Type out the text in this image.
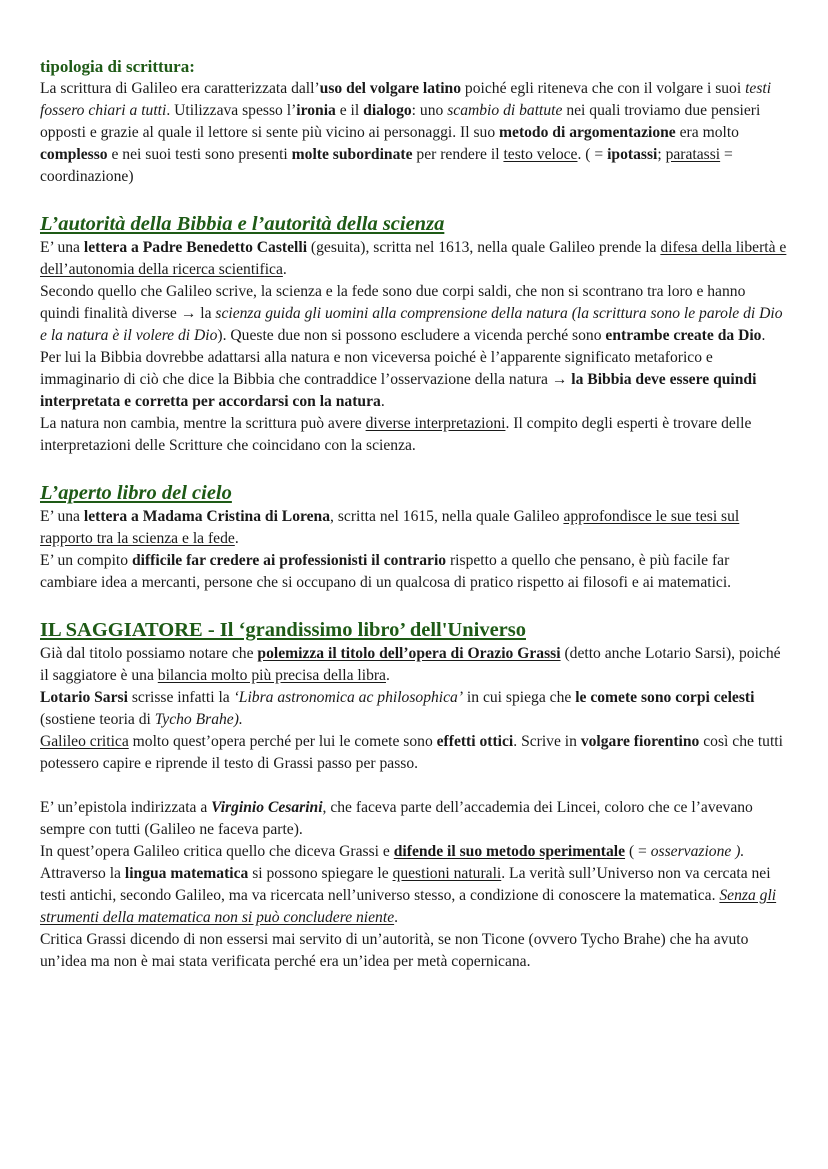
tipologia di scrittura:

La scrittura di Galileo era caratterizzata dall’uso del volgare latino poiché egli riteneva che con il volgare i suoi testi fossero chiari a tutti. Utilizzava spesso l’ironia e il dialogo: uno scambio di battute nei quali troviamo due pensieri opposti e grazie al quale il lettore si sente più vicino ai personaggi. Il suo metodo di argomentazione era molto complesso e nei suoi testi sono presenti molte subordinate per rendere il testo veloce. ( = ipotassi; paratassi = coordinazione)

L’autorità della Bibbia e l’autorità della scienza

E’ una lettera a Padre Benedetto Castelli (gesuita), scritta nel 1613, nella quale Galileo prende la difesa della libertà e dell’autonomia della ricerca scientifica.

Secondo quello che Galileo scrive, la scienza e la fede sono due corpi saldi, che non si scontrano tra loro e hanno quindi finalità diverse → la scienza guida gli uomini alla comprensione della natura (la scrittura sono le parole di Dio e la natura è il volere di Dio). Queste due non si possono escludere a vicenda perché sono entrambe create da Dio. Per lui la Bibbia dovrebbe adattarsi alla natura e non viceversa poiché è l’apparente significato metaforico e immaginario di ciò che dice la Bibbia che contraddice l’osservazione della natura → la Bibbia deve essere quindi interpretata e corretta per accordarsi con la natura.

La natura non cambia, mentre la scrittura può avere diverse interpretazioni. Il compito degli esperti è trovare delle interpretazioni delle Scritture che coincidano con la scienza.

L’aperto libro del cielo

E’ una lettera a Madama Cristina di Lorena, scritta nel 1615, nella quale Galileo approfondisce le sue tesi sul rapporto tra la scienza e la fede.

E’ un compito difficile far credere ai professionisti il contrario rispetto a quello che pensano, è più facile far cambiare idea a mercanti, persone che si occupano di un qualcosa di pratico rispetto ai filosofi e ai matematici.

IL SAGGIATORE - Il ‘grandissimo libro’ dell'Universo

Già dal titolo possiamo notare che polemizza il titolo dell’opera di Orazio Grassi (detto anche Lotario Sarsi), poiché il saggiatore è una bilancia molto più precisa della libra.

Lotario Sarsi scrisse infatti la ‘Libra astronomica ac philosophica’ in cui spiega che le comete sono corpi celesti (sostiene teoria di Tycho Brahe).

Galileo critica molto quest’opera perché per lui le comete sono effetti ottici. Scrive in volgare fiorentino così che tutti potessero capire e riprende il testo di Grassi passo per passo.

E’ un’epistola indirizzata a Virginio Cesarini, che faceva parte dell’accademia dei Lincei, coloro che ce l’avevano sempre con tutti (Galileo ne faceva parte).

In quest’opera Galileo critica quello che diceva Grassi e difende il suo metodo sperimentale ( = osservazione ).

Attraverso la lingua matematica si possono spiegare le questioni naturali. La verità sull’Universo non va cercata nei testi antichi, secondo Galileo, ma va ricercata nell’universo stesso, a condizione di conoscere la matematica. Senza gli strumenti della matematica non si può concludere niente.

Critica Grassi dicendo di non essersi mai servito di un’autorità, se non Ticone (ovvero Tycho Brahe) che ha avuto un’idea ma non è mai stata verificata perché era un’idea per metà copernicana.
